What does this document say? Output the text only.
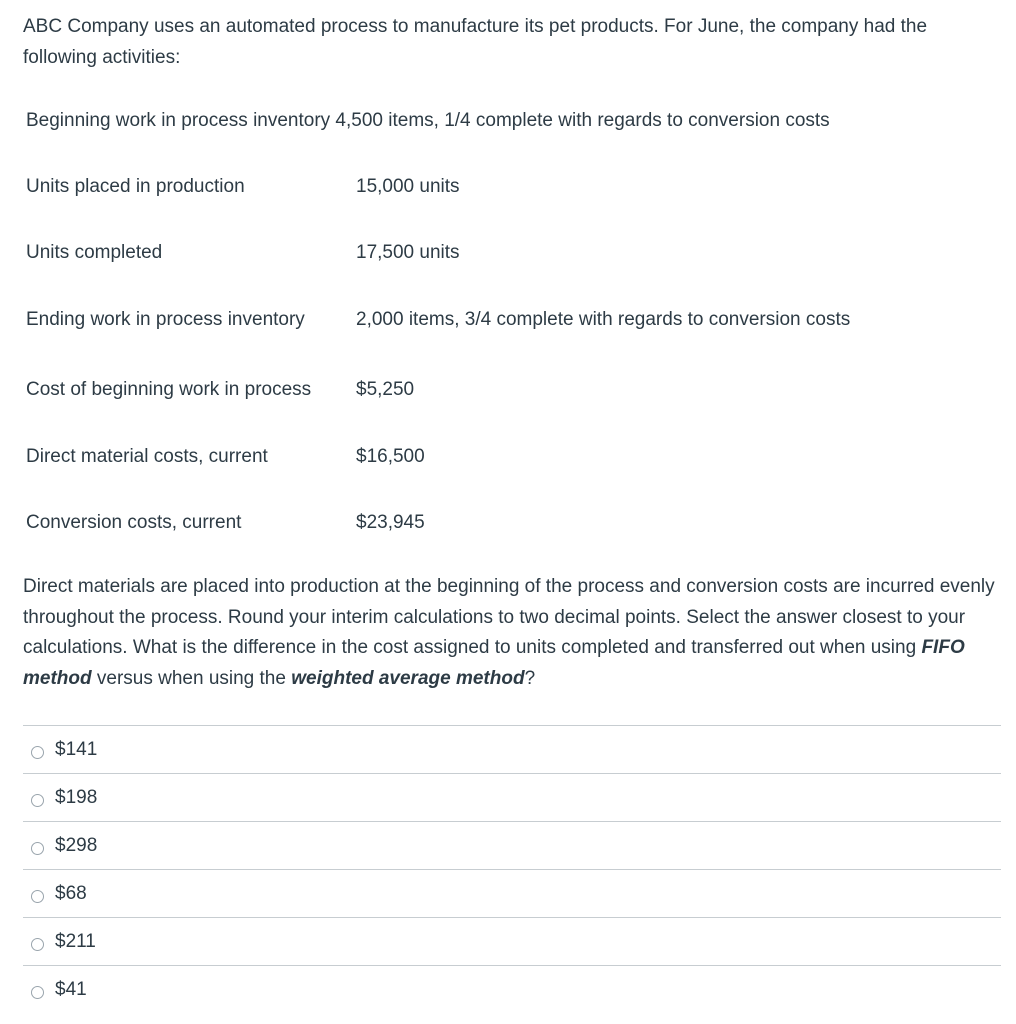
ABC Company uses an automated process to manufacture its pet products. For June, the company had the following activities:

Beginning work in process inventory 4,500 items, 1/4 complete with regards to conversion costs
Units placed in production	15,000 units
Units completed	17,500 units
Ending work in process inventory	2,000 items, 3/4 complete with regards to conversion costs
Cost of beginning work in process $5,250
Direct material costs, current	$16,500
Conversion costs, current	$23,945

Direct materials are placed into production at the beginning of the process and conversion costs are incurred evenly throughout the process. Round your interim calculations to two decimal points. Select the answer closest to your calculations. What is the difference in the cost assigned to units completed and transferred out when using FIFO method versus when using the weighted average method?

$141
$198
$298
$68
$211
$41
